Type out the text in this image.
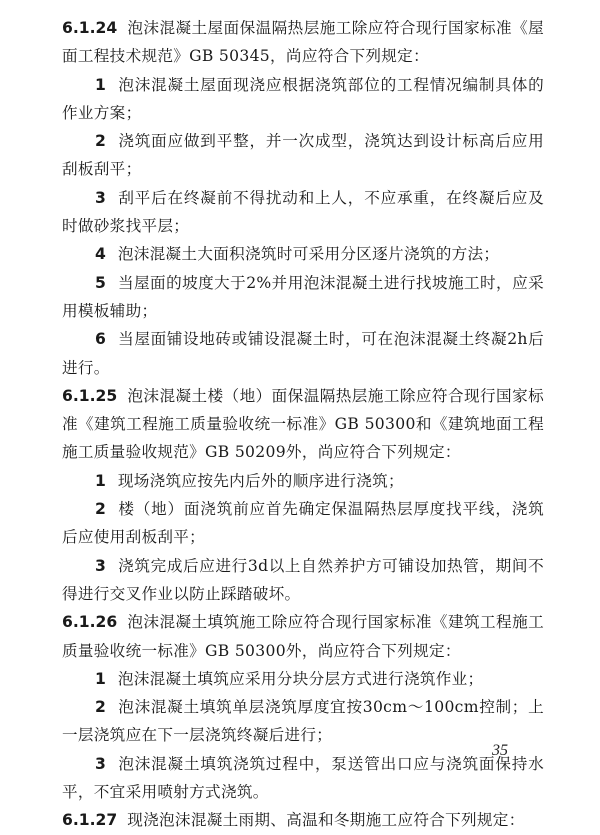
6.1.24 泡沫混凝土屋面保温隔热层施工除应符合现行国家标准《屋面工程技术规范》GB 50345，尚应符合下列规定：

1 泡沫混凝土屋面现浇应根据浇筑部位的工程情况编制具体的作业方案；

2 浇筑面应做到平整，并一次成型，浇筑达到设计标高后应用刮板刮平；

3 刮平后在终凝前不得扰动和上人，不应承重，在终凝后应及时做砂浆找平层；

4 泡沫混凝土大面积浇筑时可采用分区逐片浇筑的方法；

5 当屋面的坡度大于2%并用泡沫混凝土进行找坡施工时，应采用模板辅助；

6 当屋面铺设地砖或铺设混凝土时，可在泡沫混凝土终凝2h后进行。

6.1.25 泡沫混凝土楼（地）面保温隔热层施工除应符合现行国家标准《建筑工程施工质量验收统一标准》GB 50300和《建筑地面工程施工质量验收规范》GB 50209外，尚应符合下列规定：

1 现场浇筑应按先内后外的顺序进行浇筑；

2 楼（地）面浇筑前应首先确定保温隔热层厚度找平线，浇筑后应使用刮板刮平；

3 浇筑完成后应进行3d以上自然养护方可铺设加热管，期间不得进行交叉作业以防止踩踏破坏。

6.1.26 泡沫混凝土填筑施工除应符合现行国家标准《建筑工程施工质量验收统一标准》GB 50300外，尚应符合下列规定：

1 泡沫混凝土填筑应采用分块分层方式进行浇筑作业；

2 泡沫混凝土填筑单层浇筑厚度宜按30cm～100cm控制；上一层浇筑应在下一层浇筑终凝后进行；

3 泡沫混凝土填筑浇筑过程中，泵送管出口应与浇筑面保持水平，不宜采用喷射方式浇筑。

6.1.27 现浇泡沫混凝土雨期、高温和冬期施工应符合下列规定：

35
